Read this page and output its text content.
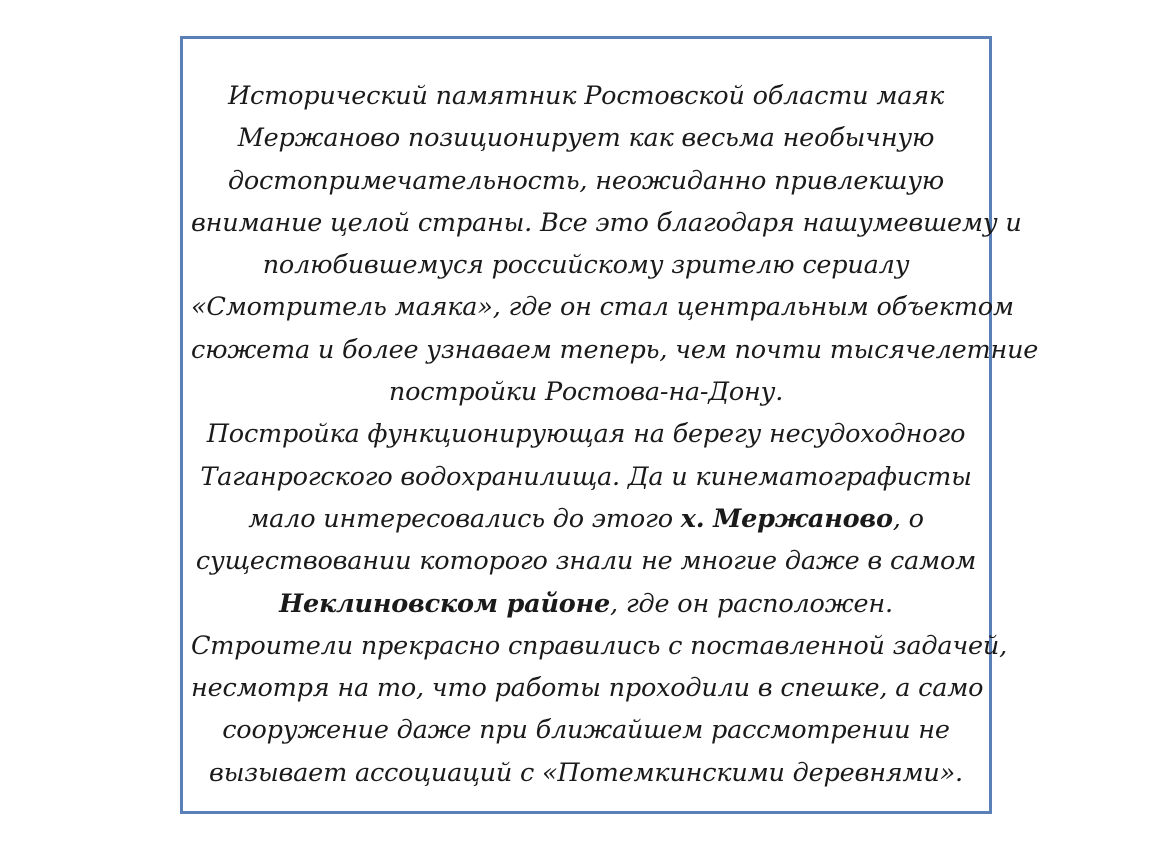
Исторический памятник Ростовской области маяк
Мержаново позиционирует как весьма необычную
достопримечательность, неожиданно привлекшую
внимание целой страны. Все это благодаря нашумевшему и
полюбившемуся российскому зрителю сериалу
«Смотритель маяка», где он стал центральным объектом
сюжета и более узнаваем теперь, чем почти тысячелетние
постройки Ростова-на-Дону.
Постройка функционирующая на берегу несудоходного
Таганрогского водохранилища. Да и кинематографисты
мало интересовались до этого х. Мержаново, о
существовании которого знали не многие даже в самом
Неклиновском районе, где он расположен.
Строители прекрасно справились с поставленной задачей,
несмотря на то, что работы проходили в спешке, а само
сооружение даже при ближайшем рассмотрении не
вызывает ассоциаций с «Потемкинскими деревнями».
